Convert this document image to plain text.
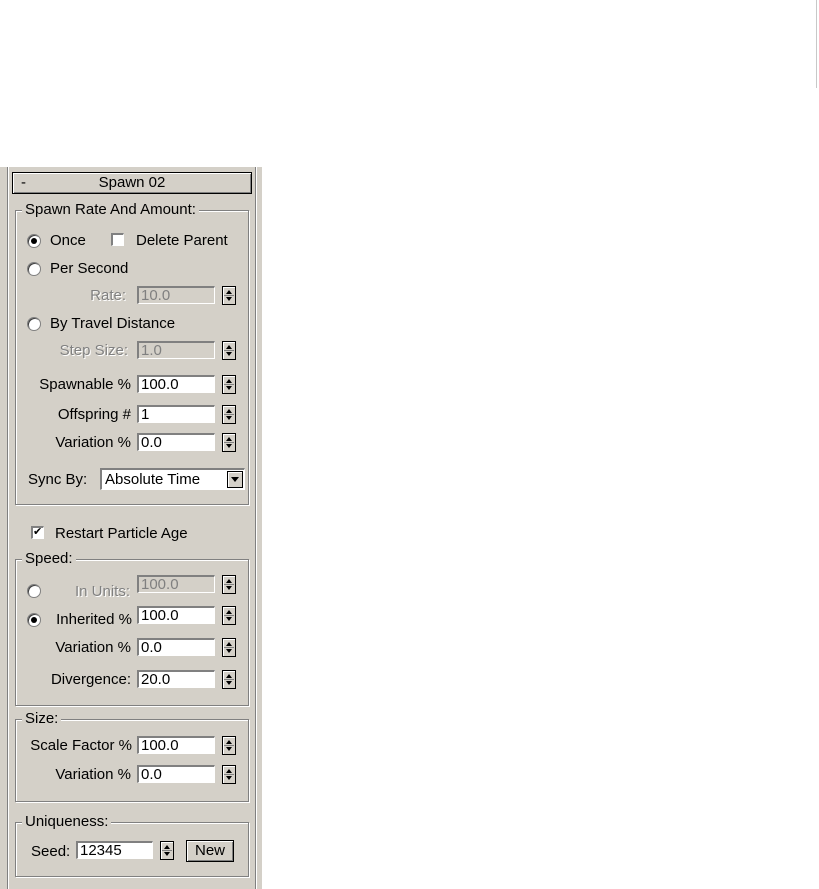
-	Spawn 02
Spawn Rate And Amount:
Once	Delete Parent
Per Second
Rate: 10.0
By Travel Distance
Step Size: 1.0
Spawnable % 100.0
Offspring # 1
Variation % 0.0
Sync By: Absolute Time
✔
Restart Particle Age
Speed:
In Units: 100.0
Inherited % 100.0
Variation % 0.0
Divergence: 20.0
Size:
Scale Factor % 100.0
Variation % 0.0
Uniqueness:
Seed: 12345	New
